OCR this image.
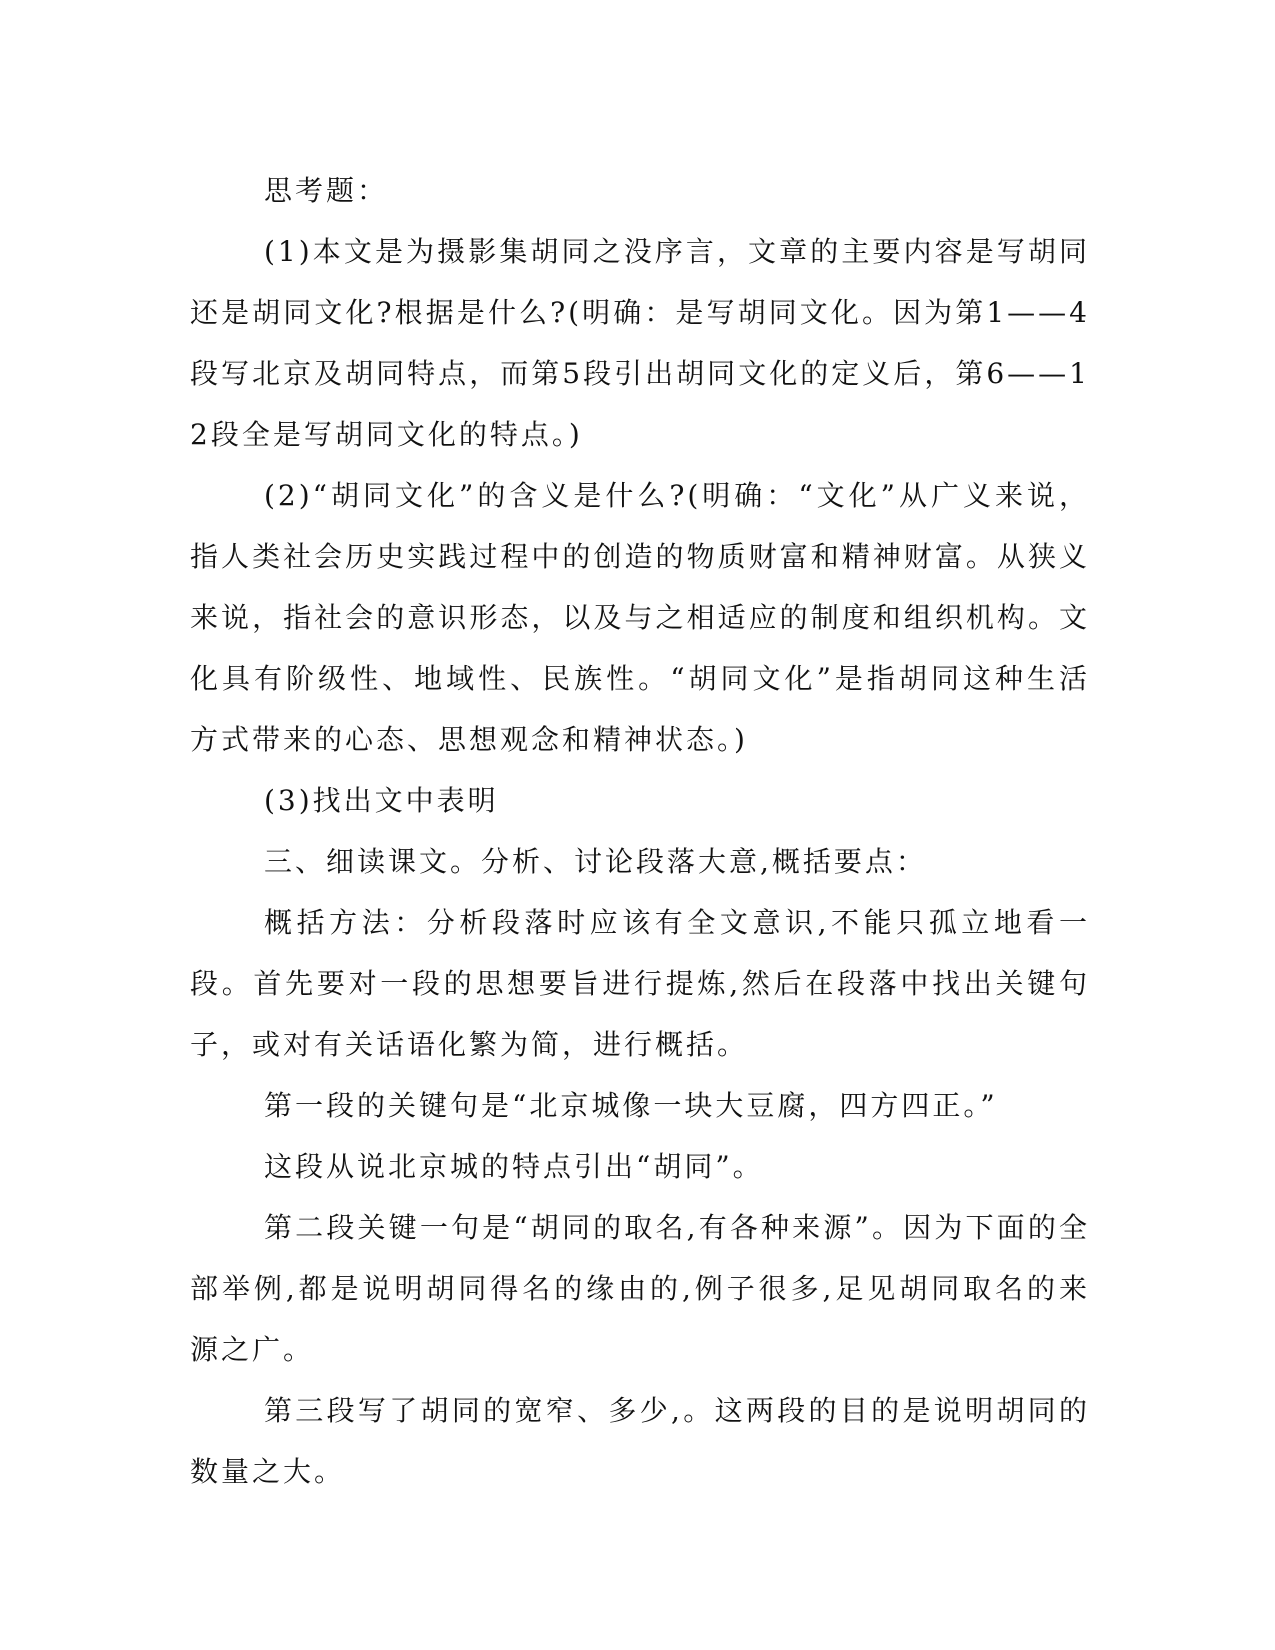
思考题：

(1)本文是为摄影集胡同之没序言，文章的主要内容是写胡同还是胡同文化?根据是什么?(明确：是写胡同文化。因为第1——4段写北京及胡同特点，而第5段引出胡同文化的定义后，第6——12段全是写胡同文化的特点。)

(2)“胡同文化”的含义是什么?(明确：“文化”从广义来说，指人类社会历史实践过程中的创造的物质财富和精神财富。从狭义来说，指社会的意识形态，以及与之相适应的制度和组织机构。文化具有阶级性、地域性、民族性。“胡同文化”是指胡同这种生活方式带来的心态、思想观念和精神状态。)

(3)找出文中表明

三、细读课文。分析、讨论段落大意,概括要点：

概括方法：分析段落时应该有全文意识,不能只孤立地看一段。首先要对一段的思想要旨进行提炼,然后在段落中找出关键句子，或对有关话语化繁为简，进行概括。

第一段的关键句是“北京城像一块大豆腐，四方四正。”

这段从说北京城的特点引出“胡同”。

第二段关键一句是“胡同的取名,有各种来源”。因为下面的全部举例,都是说明胡同得名的缘由的,例子很多,足见胡同取名的来源之广。

第三段写了胡同的宽窄、多少,。这两段的目的是说明胡同的数量之大。
